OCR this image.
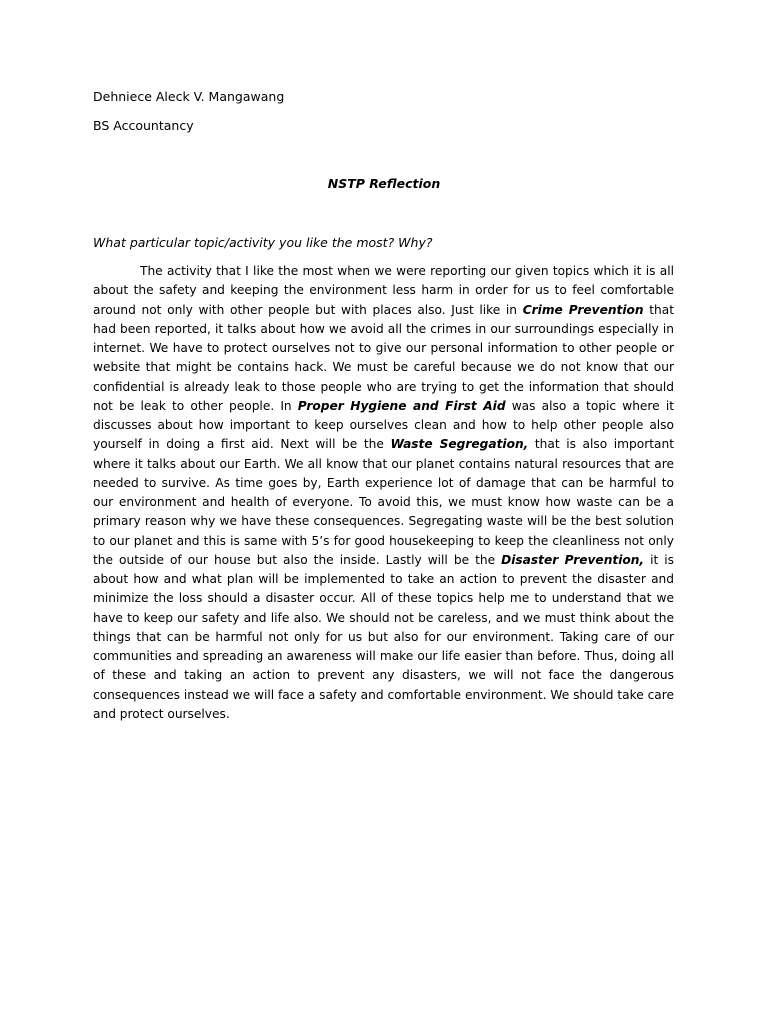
Dehniece Aleck V. Mangawang
BS Accountancy
NSTP Reflection
What particular topic/activity you like the most? Why?

The activity that I like the most when we were reporting our given topics which it is all about the safety and keeping the environment less harm in order for us to feel comfortable around not only with other people but with places also. Just like in Crime Prevention that had been reported, it talks about how we avoid all the crimes in our surroundings especially in internet. We have to protect ourselves not to give our personal information to other people or website that might be contains hack. We must be careful because we do not know that our confidential is already leak to those people who are trying to get the information that should not be leak to other people. In Proper Hygiene and First Aid was also a topic where it discusses about how important to keep ourselves clean and how to help other people also yourself in doing a first aid. Next will be the Waste Segregation, that is also important where it talks about our Earth. We all know that our planet contains natural resources that are needed to survive. As time goes by, Earth experience lot of damage that can be harmful to our environment and health of everyone. To avoid this, we must know how waste can be a primary reason why we have these consequences. Segregating waste will be the best solution to our planet and this is same with 5’s for good housekeeping to keep the cleanliness not only the outside of our house but also the inside. Lastly will be the Disaster Prevention, it is about how and what plan will be implemented to take an action to prevent the disaster and minimize the loss should a disaster occur. All of these topics help me to understand that we have to keep our safety and life also. We should not be careless, and we must think about the things that can be harmful not only for us but also for our environment. Taking care of our communities and spreading an awareness will make our life easier than before. Thus, doing all of these and taking an action to prevent any disasters, we will not face the dangerous consequences instead we will face a safety and comfortable environment. We should take care and protect ourselves.
